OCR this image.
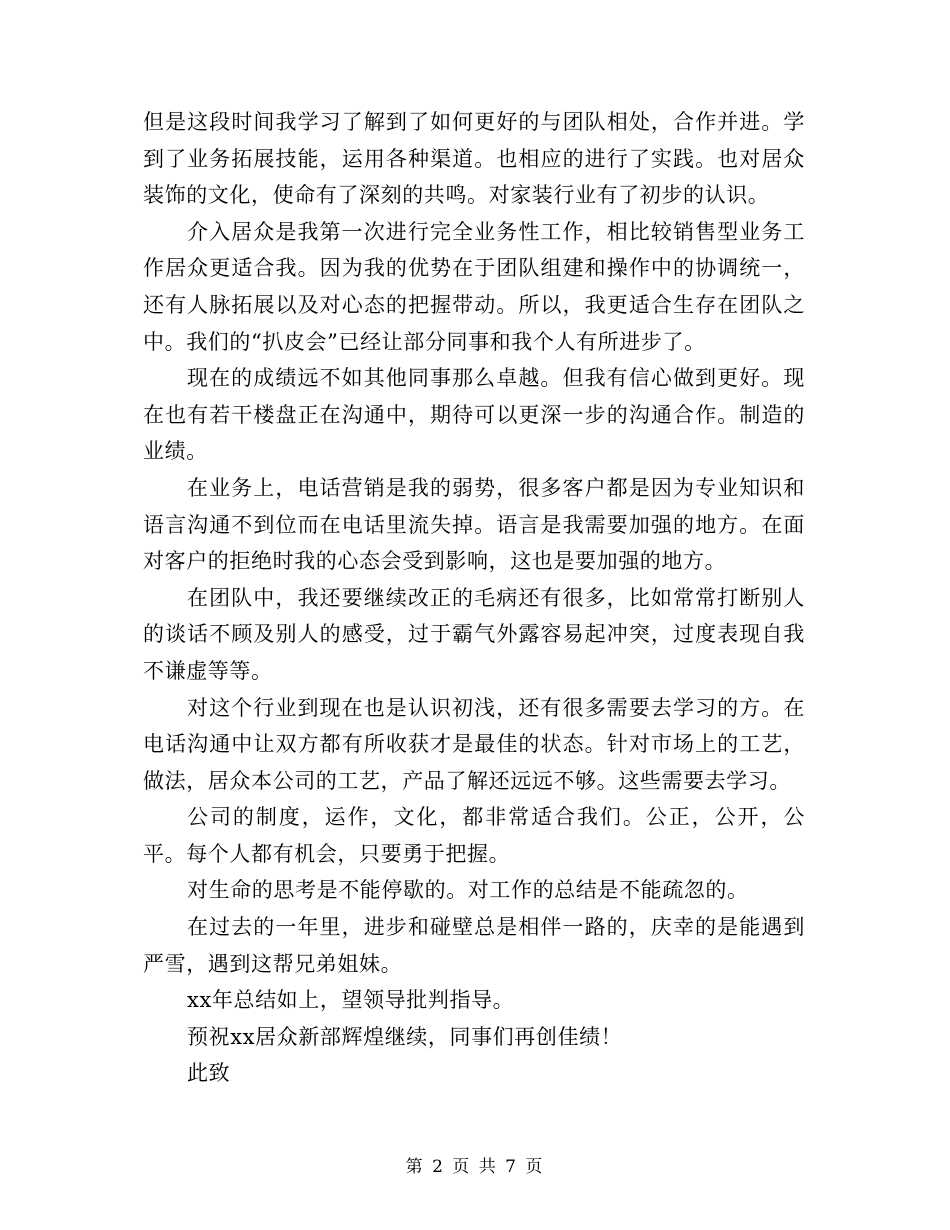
但是这段时间我学习了解到了如何更好的与团队相处，合作并进。学到了业务拓展技能，运用各种渠道。也相应的进行了实践。也对居众装饰的文化，使命有了深刻的共鸣。对家装行业有了初步的认识。

介入居众是我第一次进行完全业务性工作，相比较销售型业务工作居众更适合我。因为我的优势在于团队组建和操作中的协调统一，还有人脉拓展以及对心态的把握带动。所以，我更适合生存在团队之中。我们的“扒皮会”已经让部分同事和我个人有所进步了。

现在的成绩远不如其他同事那么卓越。但我有信心做到更好。现在也有若干楼盘正在沟通中，期待可以更深一步的沟通合作。制造的业绩。

在业务上，电话营销是我的弱势，很多客户都是因为专业知识和语言沟通不到位而在电话里流失掉。语言是我需要加强的地方。在面对客户的拒绝时我的心态会受到影响，这也是要加强的地方。

在团队中，我还要继续改正的毛病还有很多，比如常常打断别人的谈话不顾及别人的感受，过于霸气外露容易起冲突，过度表现自我不谦虚等等。

对这个行业到现在也是认识初浅，还有很多需要去学习的方。在电话沟通中让双方都有所收获才是最佳的状态。针对市场上的工艺，做法，居众本公司的工艺，产品了解还远远不够。这些需要去学习。

公司的制度，运作，文化，都非常适合我们。公正，公开，公平。每个人都有机会，只要勇于把握。

对生命的思考是不能停歇的。对工作的总结是不能疏忽的。

在过去的一年里，进步和碰壁总是相伴一路的，庆幸的是能遇到严雪，遇到这帮兄弟姐妹。

xx年总结如上，望领导批判指导。

预祝xx居众新部辉煌继续，同事们再创佳绩！

此致

第 2 页 共 7 页
